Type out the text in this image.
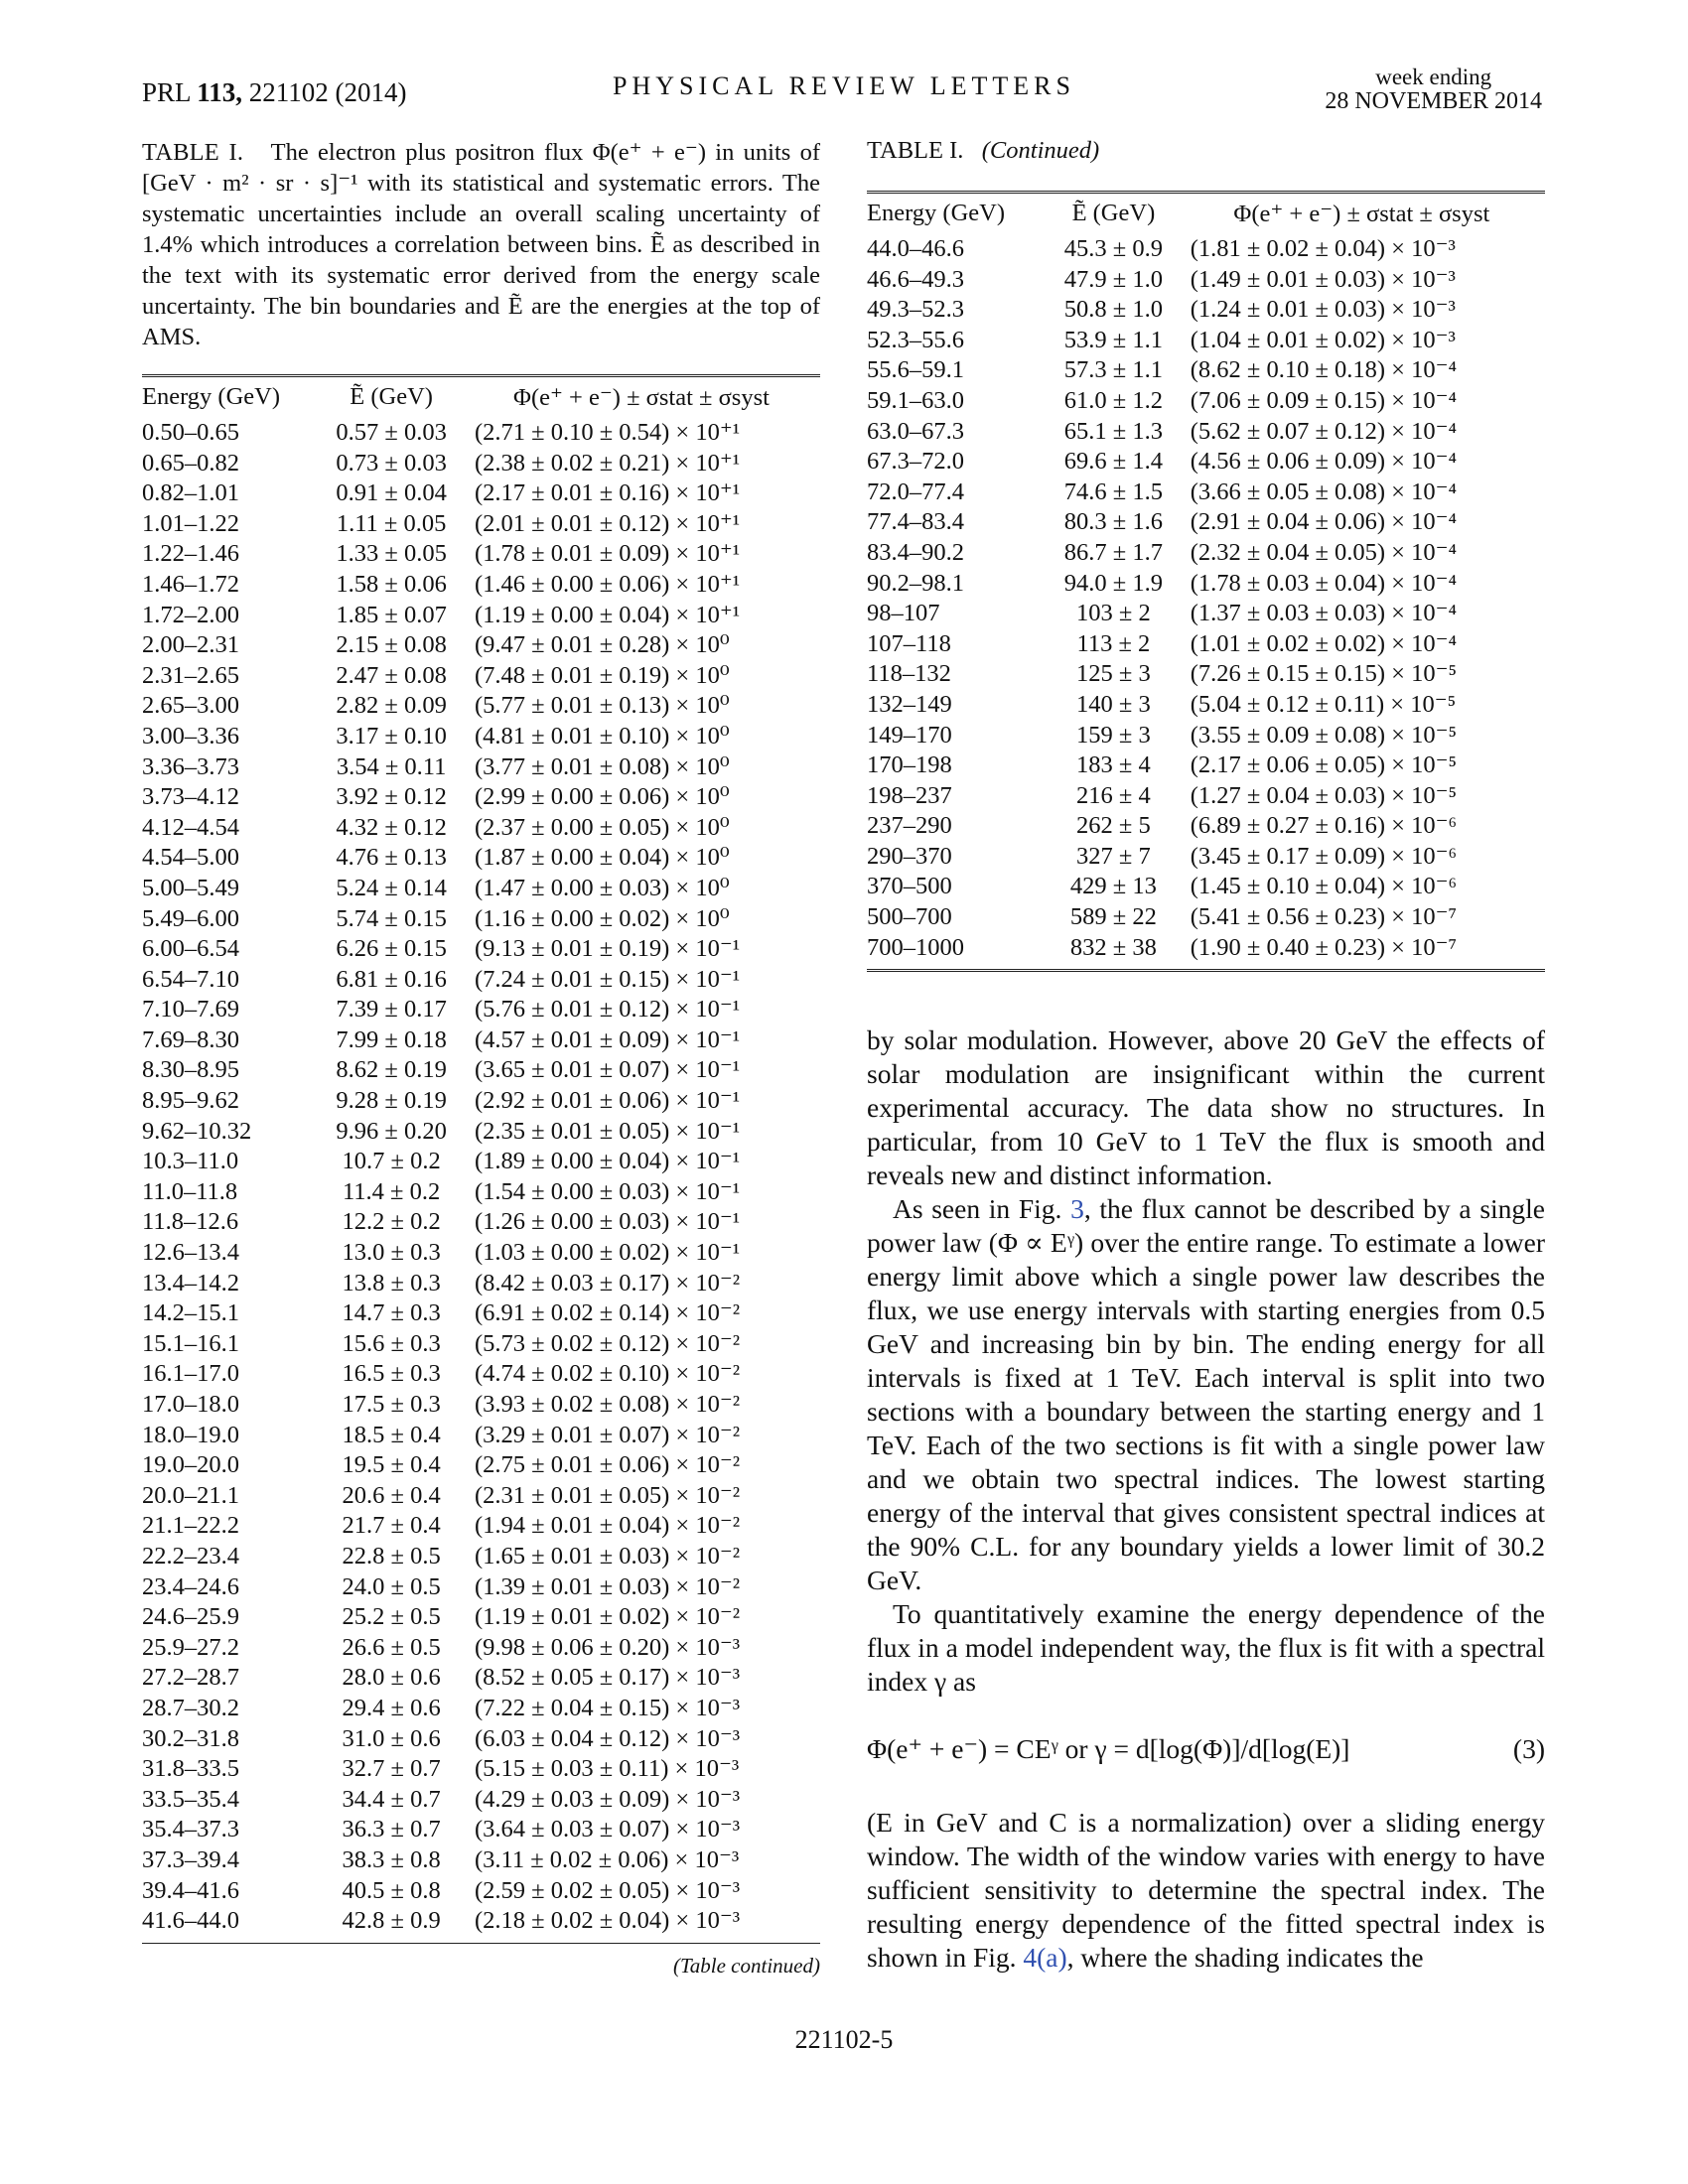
PRL 113, 221102 (2014)	PHYSICAL REVIEW LETTERS	week ending
28 NOVEMBER 2014
TABLE I. The electron plus positron flux Φ(e⁺ + e⁻) in units of [GeV · m² · sr · s]⁻¹ with its statistical and systematic errors. The systematic uncertainties include an overall scaling uncertainty of 1.4% which introduces a correlation between bins. Ẽ as described in the text with its systematic error derived from the energy scale uncertainty. The bin boundaries and Ẽ are the energies at the top of AMS.
Energy (GeV)	Ẽ (GeV)	Φ(e⁺ + e⁻) ± σstat ± σsyst
0.50–0.65	0.57 ± 0.03	(2.71 ± 0.10 ± 0.54) × 10⁺¹
0.65–0.82	0.73 ± 0.03	(2.38 ± 0.02 ± 0.21) × 10⁺¹
0.82–1.01	0.91 ± 0.04	(2.17 ± 0.01 ± 0.16) × 10⁺¹
1.01–1.22	1.11 ± 0.05	(2.01 ± 0.01 ± 0.12) × 10⁺¹
1.22–1.46	1.33 ± 0.05	(1.78 ± 0.01 ± 0.09) × 10⁺¹
1.46–1.72	1.58 ± 0.06	(1.46 ± 0.00 ± 0.06) × 10⁺¹
1.72–2.00	1.85 ± 0.07	(1.19 ± 0.00 ± 0.04) × 10⁺¹
2.00–2.31	2.15 ± 0.08	(9.47 ± 0.01 ± 0.28) × 10⁰
2.31–2.65	2.47 ± 0.08	(7.48 ± 0.01 ± 0.19) × 10⁰
2.65–3.00	2.82 ± 0.09	(5.77 ± 0.01 ± 0.13) × 10⁰
3.00–3.36	3.17 ± 0.10	(4.81 ± 0.01 ± 0.10) × 10⁰
3.36–3.73	3.54 ± 0.11	(3.77 ± 0.01 ± 0.08) × 10⁰
3.73–4.12	3.92 ± 0.12	(2.99 ± 0.00 ± 0.06) × 10⁰
4.12–4.54	4.32 ± 0.12	(2.37 ± 0.00 ± 0.05) × 10⁰
4.54–5.00	4.76 ± 0.13	(1.87 ± 0.00 ± 0.04) × 10⁰
5.00–5.49	5.24 ± 0.14	(1.47 ± 0.00 ± 0.03) × 10⁰
5.49–6.00	5.74 ± 0.15	(1.16 ± 0.00 ± 0.02) × 10⁰
6.00–6.54	6.26 ± 0.15	(9.13 ± 0.01 ± 0.19) × 10⁻¹
6.54–7.10	6.81 ± 0.16	(7.24 ± 0.01 ± 0.15) × 10⁻¹
7.10–7.69	7.39 ± 0.17	(5.76 ± 0.01 ± 0.12) × 10⁻¹
7.69–8.30	7.99 ± 0.18	(4.57 ± 0.01 ± 0.09) × 10⁻¹
8.30–8.95	8.62 ± 0.19	(3.65 ± 0.01 ± 0.07) × 10⁻¹
8.95–9.62	9.28 ± 0.19	(2.92 ± 0.01 ± 0.06) × 10⁻¹
9.62–10.32	9.96 ± 0.20	(2.35 ± 0.01 ± 0.05) × 10⁻¹
10.3–11.0	10.7 ± 0.2	(1.89 ± 0.00 ± 0.04) × 10⁻¹
11.0–11.8	11.4 ± 0.2	(1.54 ± 0.00 ± 0.03) × 10⁻¹
11.8–12.6	12.2 ± 0.2	(1.26 ± 0.00 ± 0.03) × 10⁻¹
12.6–13.4	13.0 ± 0.3	(1.03 ± 0.00 ± 0.02) × 10⁻¹
13.4–14.2	13.8 ± 0.3	(8.42 ± 0.03 ± 0.17) × 10⁻²
14.2–15.1	14.7 ± 0.3	(6.91 ± 0.02 ± 0.14) × 10⁻²
15.1–16.1	15.6 ± 0.3	(5.73 ± 0.02 ± 0.12) × 10⁻²
16.1–17.0	16.5 ± 0.3	(4.74 ± 0.02 ± 0.10) × 10⁻²
17.0–18.0	17.5 ± 0.3	(3.93 ± 0.02 ± 0.08) × 10⁻²
18.0–19.0	18.5 ± 0.4	(3.29 ± 0.01 ± 0.07) × 10⁻²
19.0–20.0	19.5 ± 0.4	(2.75 ± 0.01 ± 0.06) × 10⁻²
20.0–21.1	20.6 ± 0.4	(2.31 ± 0.01 ± 0.05) × 10⁻²
21.1–22.2	21.7 ± 0.4	(1.94 ± 0.01 ± 0.04) × 10⁻²
22.2–23.4	22.8 ± 0.5	(1.65 ± 0.01 ± 0.03) × 10⁻²
23.4–24.6	24.0 ± 0.5	(1.39 ± 0.01 ± 0.03) × 10⁻²
24.6–25.9	25.2 ± 0.5	(1.19 ± 0.01 ± 0.02) × 10⁻²
25.9–27.2	26.6 ± 0.5	(9.98 ± 0.06 ± 0.20) × 10⁻³
27.2–28.7	28.0 ± 0.6	(8.52 ± 0.05 ± 0.17) × 10⁻³
28.7–30.2	29.4 ± 0.6	(7.22 ± 0.04 ± 0.15) × 10⁻³
30.2–31.8	31.0 ± 0.6	(6.03 ± 0.04 ± 0.12) × 10⁻³
31.8–33.5	32.7 ± 0.7	(5.15 ± 0.03 ± 0.11) × 10⁻³
33.5–35.4	34.4 ± 0.7	(4.29 ± 0.03 ± 0.09) × 10⁻³
35.4–37.3	36.3 ± 0.7	(3.64 ± 0.03 ± 0.07) × 10⁻³
37.3–39.4	38.3 ± 0.8	(3.11 ± 0.02 ± 0.06) × 10⁻³
39.4–41.6	40.5 ± 0.8	(2.59 ± 0.02 ± 0.05) × 10⁻³
41.6–44.0	42.8 ± 0.9	(2.18 ± 0.02 ± 0.04) × 10⁻³
(Table continued)
TABLE I. (Continued)
Energy (GeV)	Ẽ (GeV)	Φ(e⁺ + e⁻) ± σstat ± σsyst
44.0–46.6	45.3 ± 0.9	(1.81 ± 0.02 ± 0.04) × 10⁻³
46.6–49.3	47.9 ± 1.0	(1.49 ± 0.01 ± 0.03) × 10⁻³
49.3–52.3	50.8 ± 1.0	(1.24 ± 0.01 ± 0.03) × 10⁻³
52.3–55.6	53.9 ± 1.1	(1.04 ± 0.01 ± 0.02) × 10⁻³
55.6–59.1	57.3 ± 1.1	(8.62 ± 0.10 ± 0.18) × 10⁻⁴
59.1–63.0	61.0 ± 1.2	(7.06 ± 0.09 ± 0.15) × 10⁻⁴
63.0–67.3	65.1 ± 1.3	(5.62 ± 0.07 ± 0.12) × 10⁻⁴
67.3–72.0	69.6 ± 1.4	(4.56 ± 0.06 ± 0.09) × 10⁻⁴
72.0–77.4	74.6 ± 1.5	(3.66 ± 0.05 ± 0.08) × 10⁻⁴
77.4–83.4	80.3 ± 1.6	(2.91 ± 0.04 ± 0.06) × 10⁻⁴
83.4–90.2	86.7 ± 1.7	(2.32 ± 0.04 ± 0.05) × 10⁻⁴
90.2–98.1	94.0 ± 1.9	(1.78 ± 0.03 ± 0.04) × 10⁻⁴
98–107	103 ± 2	(1.37 ± 0.03 ± 0.03) × 10⁻⁴
107–118	113 ± 2	(1.01 ± 0.02 ± 0.02) × 10⁻⁴
118–132	125 ± 3	(7.26 ± 0.15 ± 0.15) × 10⁻⁵
132–149	140 ± 3	(5.04 ± 0.12 ± 0.11) × 10⁻⁵
149–170	159 ± 3	(3.55 ± 0.09 ± 0.08) × 10⁻⁵
170–198	183 ± 4	(2.17 ± 0.06 ± 0.05) × 10⁻⁵
198–237	216 ± 4	(1.27 ± 0.04 ± 0.03) × 10⁻⁵
237–290	262 ± 5	(6.89 ± 0.27 ± 0.16) × 10⁻⁶
290–370	327 ± 7	(3.45 ± 0.17 ± 0.09) × 10⁻⁶
370–500	429 ± 13	(1.45 ± 0.10 ± 0.04) × 10⁻⁶
500–700	589 ± 22	(5.41 ± 0.56 ± 0.23) × 10⁻⁷
700–1000	832 ± 38	(1.90 ± 0.40 ± 0.23) × 10⁻⁷

by solar modulation. However, above 20 GeV the effects of solar modulation are insignificant within the current experimental accuracy. The data show no structures. In particular, from 10 GeV to 1 TeV the flux is smooth and reveals new and distinct information.

As seen in Fig. 3, the flux cannot be described by a single power law (Φ ∝ Eᵞ) over the entire range. To estimate a lower energy limit above which a single power law describes the flux, we use energy intervals with starting energies from 0.5 GeV and increasing bin by bin. The ending energy for all intervals is fixed at 1 TeV. Each interval is split into two sections with a boundary between the starting energy and 1 TeV. Each of the two sections is fit with a single power law and we obtain two spectral indices. The lowest starting energy of the interval that gives consistent spectral indices at the 90% C.L. for any boundary yields a lower limit of 30.2 GeV.

To quantitatively examine the energy dependence of the flux in a model independent way, the flux is fit with a spectral index γ as

Φ(e⁺ + e⁻) = CEᵞ or γ = d[log(Φ)]/d[log(E)]	(3)

(E in GeV and C is a normalization) over a sliding energy window. The width of the window varies with energy to have sufficient sensitivity to determine the spectral index. The resulting energy dependence of the fitted spectral index is shown in Fig. 4(a), where the shading indicates the

221102-5
